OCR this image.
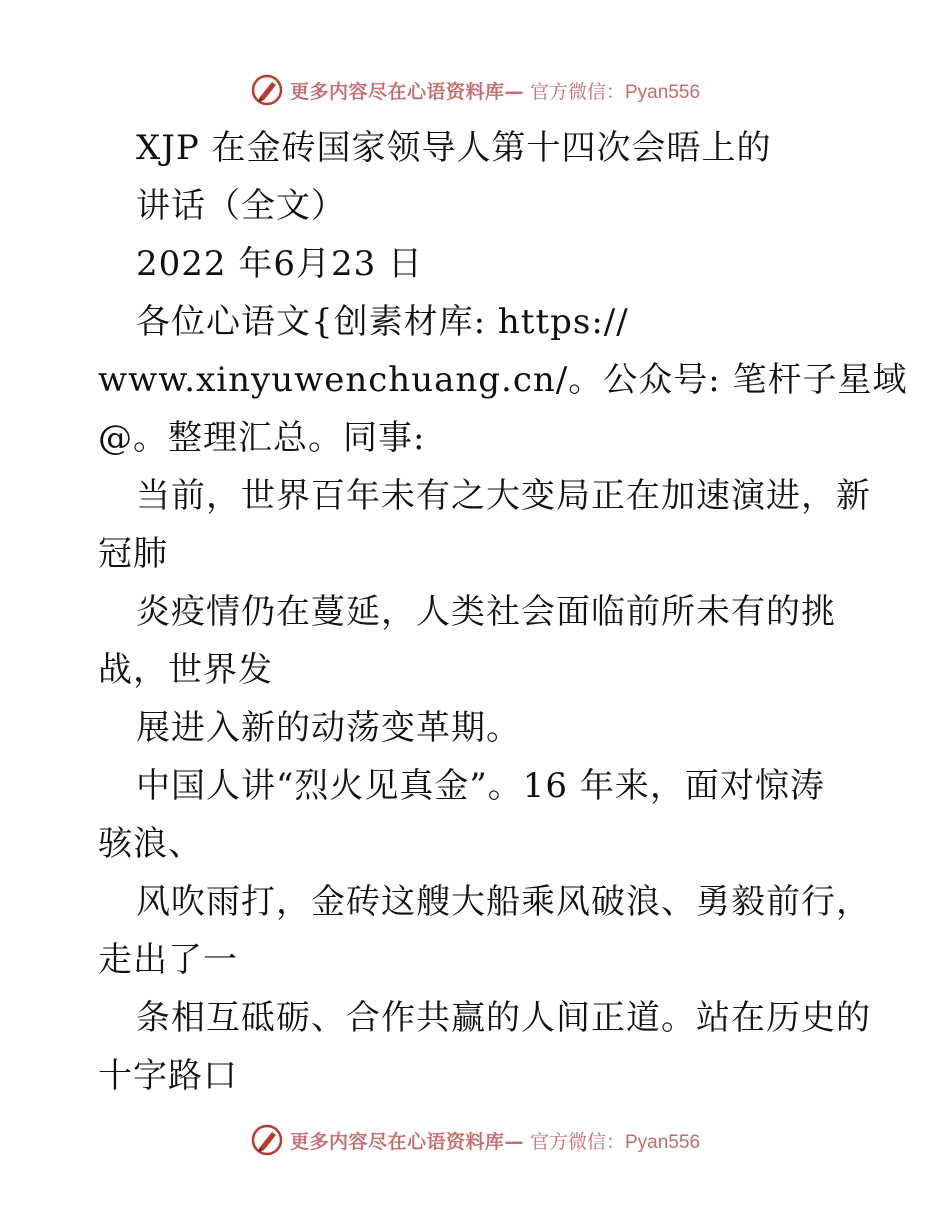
更多内容尽在心语资料库— 官方微信：Pyan556
XJP 在金砖国家领导人第十四次会晤上的
讲话（全文）
2022 年6月23 日
各位心语文{创素材库: https://
www.xinyuwenchuang.cn/。公众号: 笔杆子星域
@。整理汇总。同事:
当前，世界百年未有之大变局正在加速演进，新
冠肺
炎疫情仍在蔓延，人类社会面临前所未有的挑
战，世界发
展进入新的动荡变革期。
中国人讲“烈火见真金”。16 年来，面对惊涛
骇浪、
风吹雨打，金砖这艘大船乘风破浪、勇毅前行，
走出了一
条相互砥砺、合作共赢的人间正道。站在历史的
十字路口
更多内容尽在心语资料库— 官方微信：Pyan556
